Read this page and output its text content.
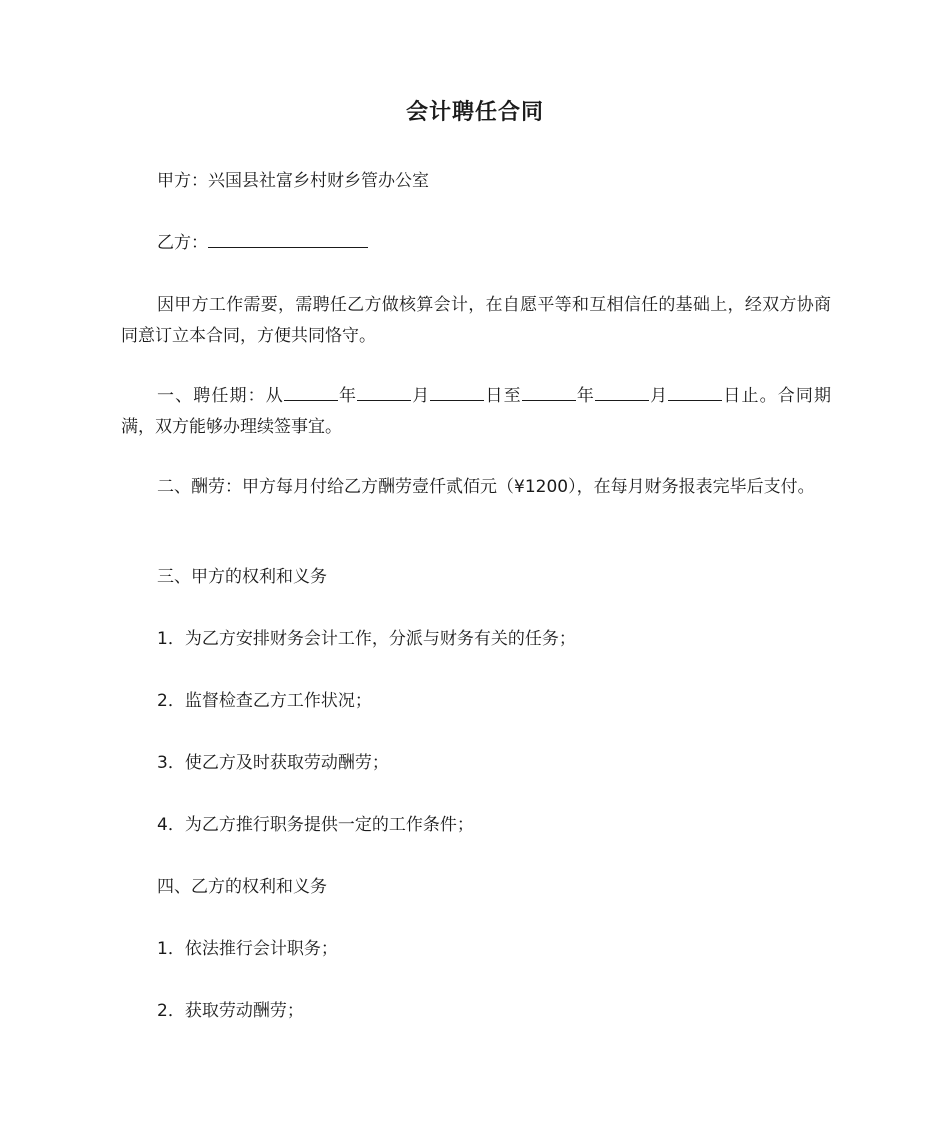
会计聘任合同
甲方：兴国县社富乡村财乡管办公室
乙方：
因甲方工作需要，需聘任乙方做核算会计，在自愿平等和互相信任的基础上，经双方协商同意订立本合同，方便共同恪守。
一、聘任期：从	年	月	日至	年	月	日止。合同期满，双方能够办理续签事宜。
二、酬劳：甲方每月付给乙方酬劳壹仟贰佰元（¥1200），在每月财务报表完毕后支付。
三、甲方的权利和义务
1．为乙方安排财务会计工作，分派与财务有关的任务；
2．监督检查乙方工作状况；
3．使乙方及时获取劳动酬劳；
4．为乙方推行职务提供一定的工作条件；
四、乙方的权利和义务
1．依法推行会计职务；
2．获取劳动酬劳；
